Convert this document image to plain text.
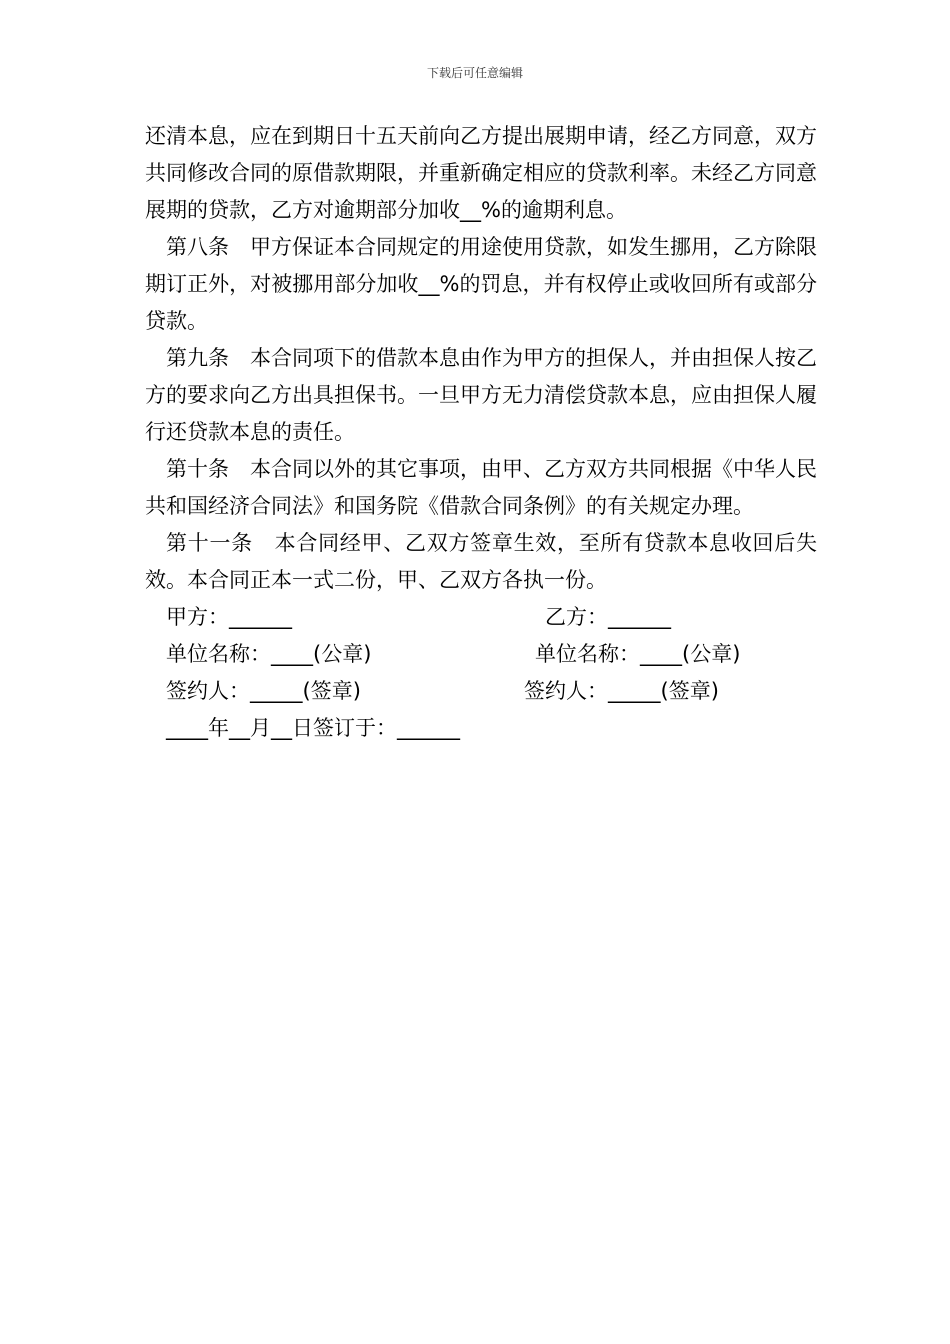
下载后可任意编辑

还清本息，应在到期日十五天前向乙方提出展期申请，经乙方同意，双方共同修改合同的原借款期限，并重新确定相应的贷款利率。未经乙方同意展期的贷款，乙方对逾期部分加收__%的逾期利息。

第八条　甲方保证本合同规定的用途使用贷款，如发生挪用，乙方除限期订正外，对被挪用部分加收__%的罚息，并有权停止或收回所有或部分贷款。

第九条　本合同项下的借款本息由作为甲方的担保人，并由担保人按乙方的要求向乙方出具担保书。一旦甲方无力清偿贷款本息，应由担保人履行还贷款本息的责任。

第十条　本合同以外的其它事项，由甲、乙方双方共同根据《中华人民共和国经济合同法》和国务院《借款合同条例》的有关规定办理。

第十一条　本合同经甲、乙双方签章生效，至所有贷款本息收回后失效。本合同正本一式二份，甲、乙双方各执一份。

甲方：______	乙方：______
单位名称：____(公章)	单位名称：____(公章)
签约人：_____(签章)	签约人：_____(签章)
____年__月__日签订于：______
